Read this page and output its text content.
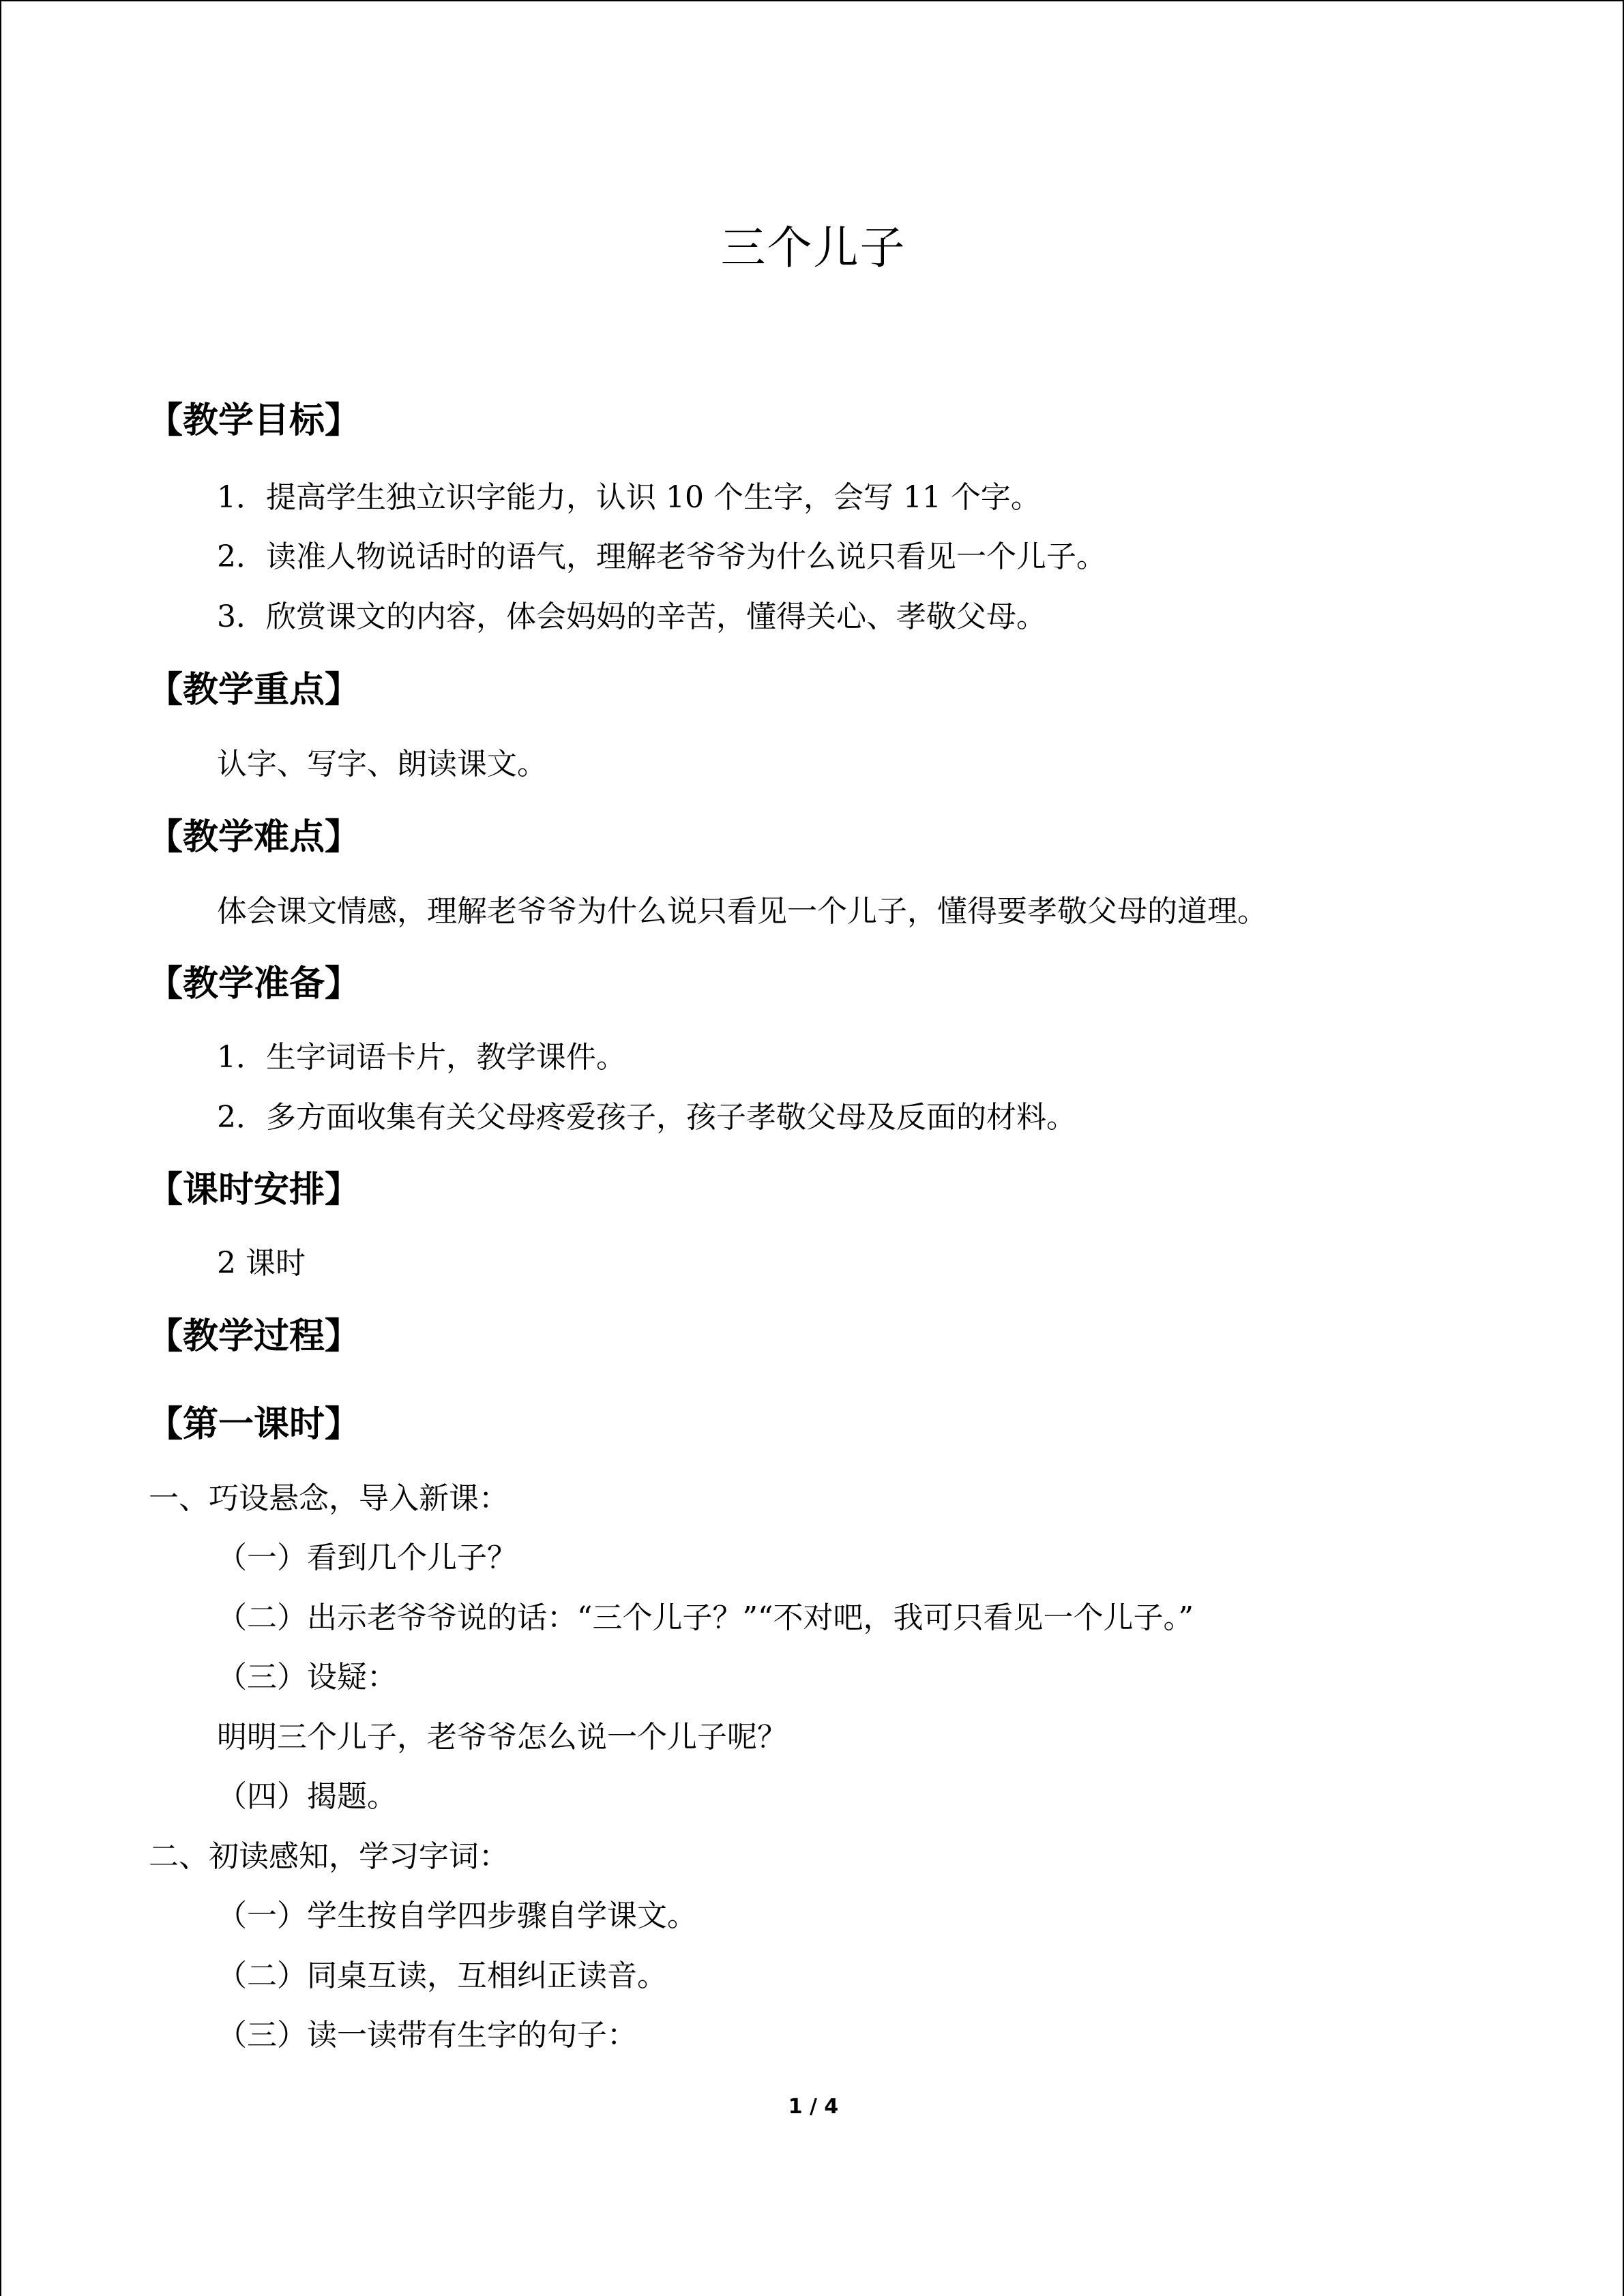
三个儿子
【教学目标】
1．提高学生独立识字能力，认识 10 个生字，会写 11 个字。
2．读准人物说话时的语气，理解老爷爷为什么说只看见一个儿子。
3．欣赏课文的内容，体会妈妈的辛苦，懂得关心、孝敬父母。
【教学重点】
认字、写字、朗读课文。
【教学难点】
体会课文情感，理解老爷爷为什么说只看见一个儿子，懂得要孝敬父母的道理。
【教学准备】
1．生字词语卡片，教学课件。
2．多方面收集有关父母疼爱孩子，孩子孝敬父母及反面的材料。
【课时安排】
2 课时
【教学过程】
【第一课时】
一、巧设悬念，导入新课：
（一）看到几个儿子？
（二）出示老爷爷说的话：“三个儿子？”“不对吧，我可只看见一个儿子。”
（三）设疑：
明明三个儿子，老爷爷怎么说一个儿子呢？
（四）揭题。
二、初读感知，学习字词：
（一）学生按自学四步骤自学课文。
（二）同桌互读，互相纠正读音。
（三）读一读带有生字的句子：
1 / 4
